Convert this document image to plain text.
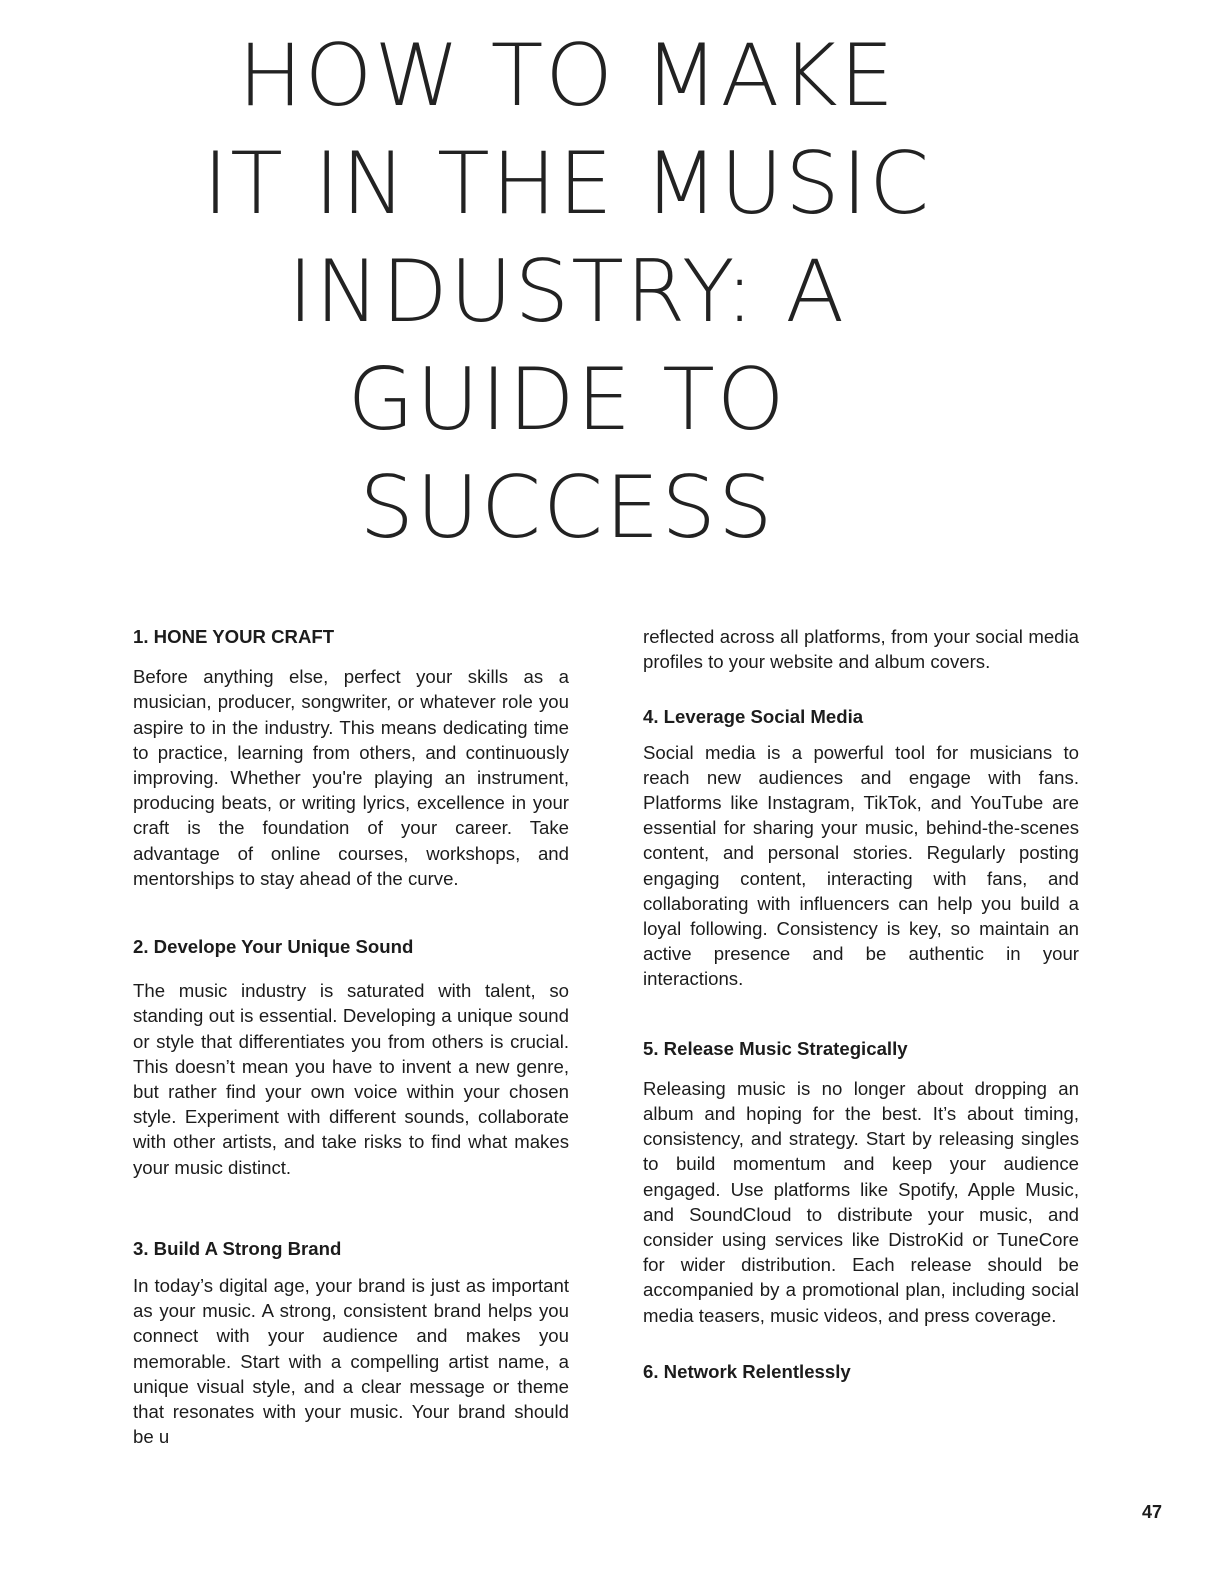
HOW TO MAKE
IT IN THE MUSIC
INDUSTRY: A
GUIDE TO
SUCCESS
1. HONE YOUR CRAFT

Before anything else, perfect your skills as a musician, producer, songwriter, or whatever role you aspire to in the industry. This means dedicating time to practice, learning from others, and continuously improving. Whether you're playing an instrument, producing beats, or writing lyrics, excellence in your craft is the foundation of your career. Take advantage of online courses, workshops, and mentorships to stay ahead of the curve.

2. Develope Your Unique Sound

The music industry is saturated with talent, so standing out is essential. Developing a unique sound or style that differentiates you from others is crucial. This doesn’t mean you have to invent a new genre, but rather find your own voice within your chosen style. Experiment with different sounds, collaborate with other artists, and take risks to find what makes your music distinct.

3. Build A Strong Brand

In today’s digital age, your brand is just as important as your music. A strong, consistent brand helps you connect with your audience and makes you memorable. Start with a compelling artist name, a unique visual style, and a clear message or theme that resonates with your music. Your brand should be u

reflected across all platforms, from your social media profiles to your website and album covers.

4. Leverage Social Media

Social media is a powerful tool for musicians to reach new audiences and engage with fans. Platforms like Instagram, TikTok, and YouTube are essential for sharing your music, behind-the-scenes content, and personal stories. Regularly posting engaging content, interacting with fans, and collaborating with influencers can help you build a loyal following. Consistency is key, so maintain an active presence and be authentic in your interactions.

5. Release Music Strategically

Releasing music is no longer about dropping an album and hoping for the best. It’s about timing, consistency, and strategy. Start by releasing singles to build momentum and keep your audience engaged. Use platforms like Spotify, Apple Music, and SoundCloud to distribute your music, and consider using services like DistroKid or TuneCore for wider distribution. Each release should be accompanied by a promotional plan, including social media teasers, music videos, and press coverage.

6. Network Relentlessly
47
